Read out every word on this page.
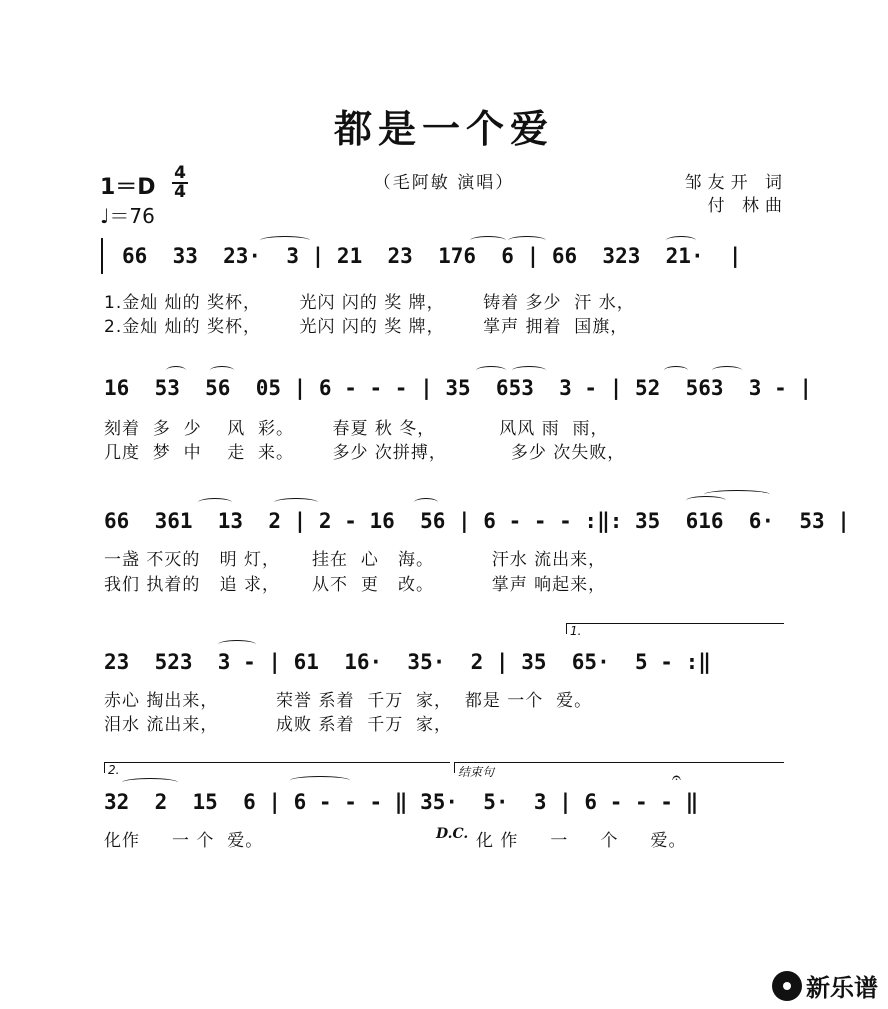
都是一个爱
1＝D
4
4
♩＝76
（毛阿敏 演唱）	邹友开 词
付 林曲
66  33  23·  3 | 21  23  176  6 | 66  323  21·  |
1.金灿 灿的 奖杯，      光闪 闪的 奖 牌，      铸着 多少  汗 水，
2.金灿 灿的 奖杯，      光闪 闪的 奖 牌，      掌声 拥着  国旗，
16  53  56  05 | 6 - - - | 35  653  3 - | 52  563  3 - |
刻着  多  少    风  彩。      春夏 秋 冬，          风风 雨  雨，
几度  梦  中    走  来。      多少 次拼搏，          多少 次失败，
66  361  13  2 | 2 - 16  56 | 6 - - - :‖: 35  616  6·  53 |
一盏 不灭的   明 灯，     挂在  心   海。         汗水 流出来，
我们 执着的   追 求，     从不  更   改。         掌声 响起来，
1.
23  523  3 - | 61  16·  35·  2 | 35  65·  5 - :‖
赤心 掏出来，         荣誉 系着  千万  家，  都是 一个  爱。
泪水 流出来，         成败 系着  千万  家，
2.	结束句
32  2  15  6 | 6 - - - ‖ 35·  5·  3 | 6 - - - ‖
𝄐
化作     一 个  爱。	D.C. 化 作     一     个     爱。
新乐谱
